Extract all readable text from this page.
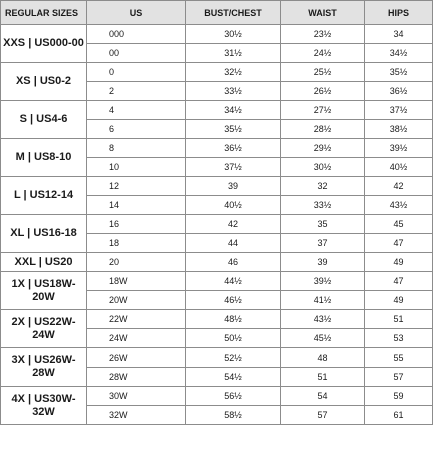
REGULAR SIZES	US	BUST/CHEST	WAIST	HIPS
XXS | US000-00	000	30½	23½	34
	00	31½	24½	34½
XS | US0-2	0	32½	25½	35½
	2	33½	26½	36½
S | US4-6	4	34½	27½	37½
	6	35½	28½	38½
M | US8-10	8	36½	29½	39½
	10	37½	30½	40½
L | US12-14	12	39	32	42
	14	40½	33½	43½
XL | US16-18	16	42	35	45
	18	44	37	47
XXL | US20	20	46	39	49
1X | US18W-20W	18W	44½	39½	47
	20W	46½	41½	49
2X | US22W-24W	22W	48½	43½	51
	24W	50½	45½	53
3X | US26W-28W	26W	52½	48	55
	28W	54½	51	57
4X | US30W-32W	30W	56½	54	59
	32W	58½	57	61
